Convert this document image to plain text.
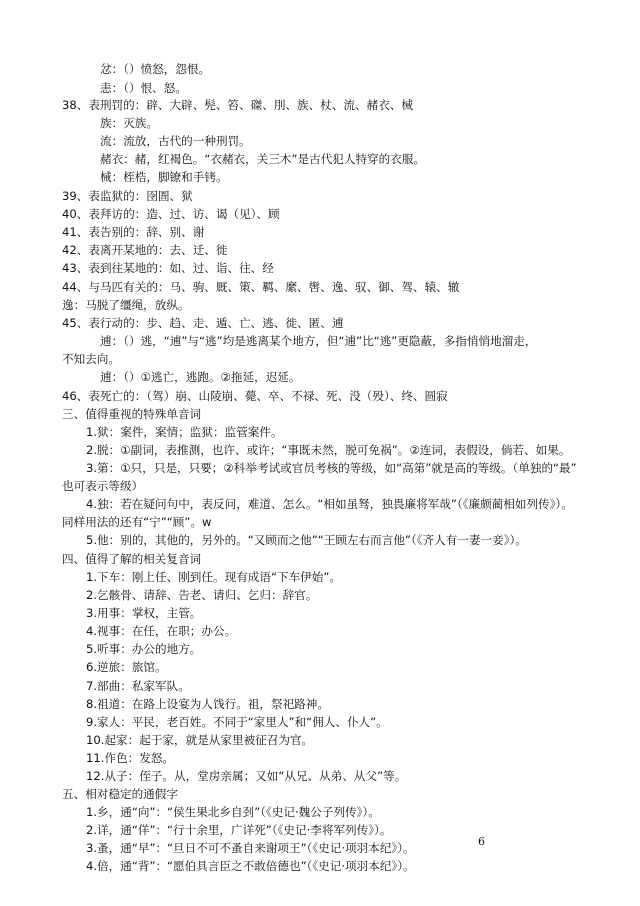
忿：（）愤怒，怨恨。
恚：（）恨、怒。
38、表刑罚的：辟、大辟、髡、笞、磔、刖、族、杖、流、赭衣、械
族：灭族。
流：流放，古代的一种刑罚。
赭衣：赭，红褐色。“衣赭衣，关三木”是古代犯人特穿的衣服。
械：桎梏，脚镣和手铐。
39、表监狱的：囹圄、狱
40、表拜访的：造、过、访、谒（见）、顾
41、表告别的：辞、别、谢
42、表离开某地的：去、迁、徙
43、表到往某地的：如、过、诣、往、经
44、与马匹有关的：马、驹、厩、策、羁、縻、辔、逸、驭、御、驾、辕、辙
逸：马脱了缰绳，放纵。
45、表行动的：步、趋、走、遁、亡、逃、徙、匿、逋
逋：（）逃，“逋”与“逃”均是逃离某个地方，但“逋”比“逃”更隐蔽，多指悄悄地溜走，
不知去向。
逋：（）①逃亡，逃跑。②拖延，迟延。
46、表死亡的：（驾）崩、山陵崩、薨、卒、不禄、死、没（殁）、终、圆寂
三、值得重视的特殊单音词
1.狱：案件，案情；监狱：监管案件。
2.脱：①副词，表推测，也许、或许；“事既未然，脱可免祸”。②连词，表假设，倘若、如果。
3.第：①只，只是，只要；②科举考试或官员考核的等级，如“高第”就是高的等级。（单独的“最”
也可表示等级）
4.独：若在疑问句中，表反问，难道、怎么。“相如虽驽，独畏廉将军哉”（《廉颇蔺相如列传》）。
同样用法的还有“宁”“顾”。w
5.他：别的，其他的，另外的。“又顾而之他”“王顾左右而言他”（《齐人有一妻一妾》）。
四、值得了解的相关复音词
1.下车：刚上任、刚到任。现有成语“下车伊始”。
2.乞骸骨、请辞、告老、请归、乞归：辞官。
3.用事：掌权，主管。
4.视事：在任，在职；办公。
5.听事：办公的地方。
6.逆旅：旅馆。
7.部曲：私家军队。
8.祖道：在路上设宴为人饯行。祖，祭祀路神。
9.家人：平民，老百姓。不同于“家里人”和“佣人、仆人”。
10.起家：起于家，就是从家里被征召为官。
11.作色：发怒。
12.从子：侄子。从，堂房亲属；又如“从兄、从弟、从父”等。
五、相对稳定的通假字
1.乡，通“向”：“侯生果北乡自刭”（《史记·魏公子列传》）。
2.详，通“佯”：“行十余里，广详死”（《史记·李将军列传》）。
3.蚤，通“早”：“旦日不可不蚤自来谢项王”（《史记·项羽本纪》）。
4.倍，通“背”：“愿伯具言臣之不敢倍德也”（《史记·项羽本纪》）。
6
